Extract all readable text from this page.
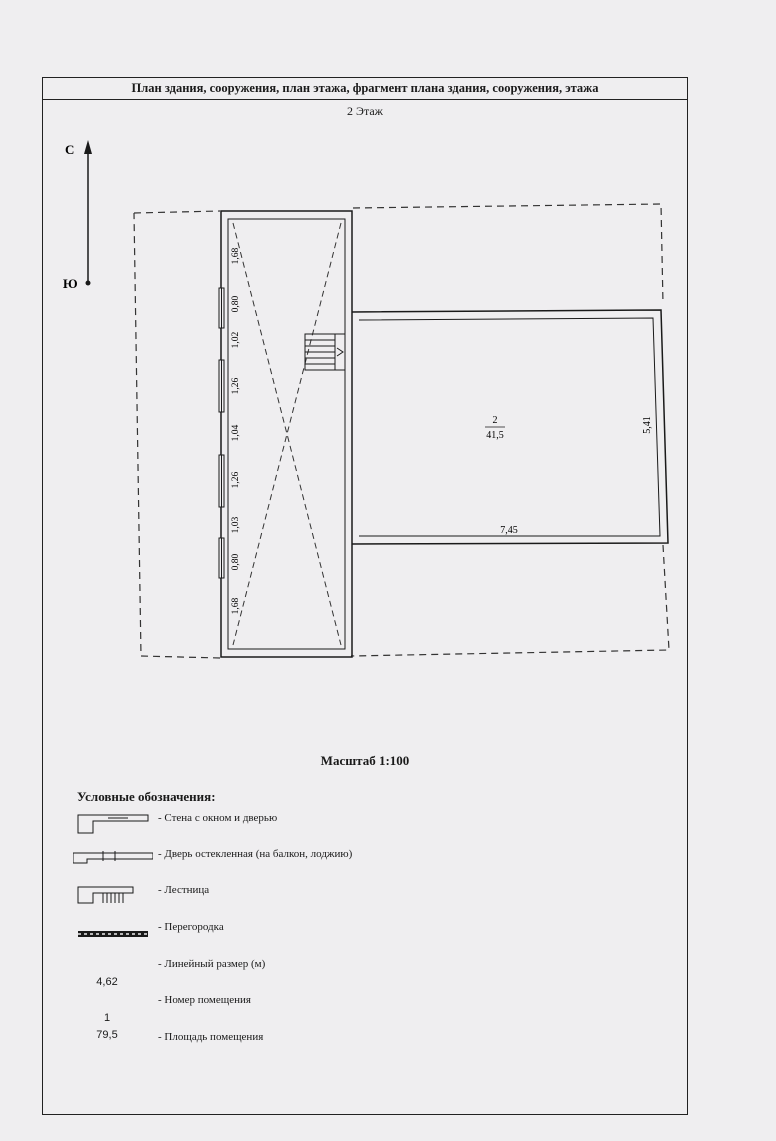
План здания, сооружения, план этажа, фрагмент плана здания, сооружения, этажа
2 Этаж
С
Ю
2
41,5
7,45
5,41
1,68
0,80
1,02
1,26
1,04
1,26
1,03
0,80
1,68
Масштаб 1:100
Условные обозначения:
- Стена с окном и дверью
- Дверь остекленная (на балкон, лоджию)
- Лестница
- Перегородка
- Линейный размер (м)
- Номер помещения
- Площадь помещения
4,62
1
79,5
